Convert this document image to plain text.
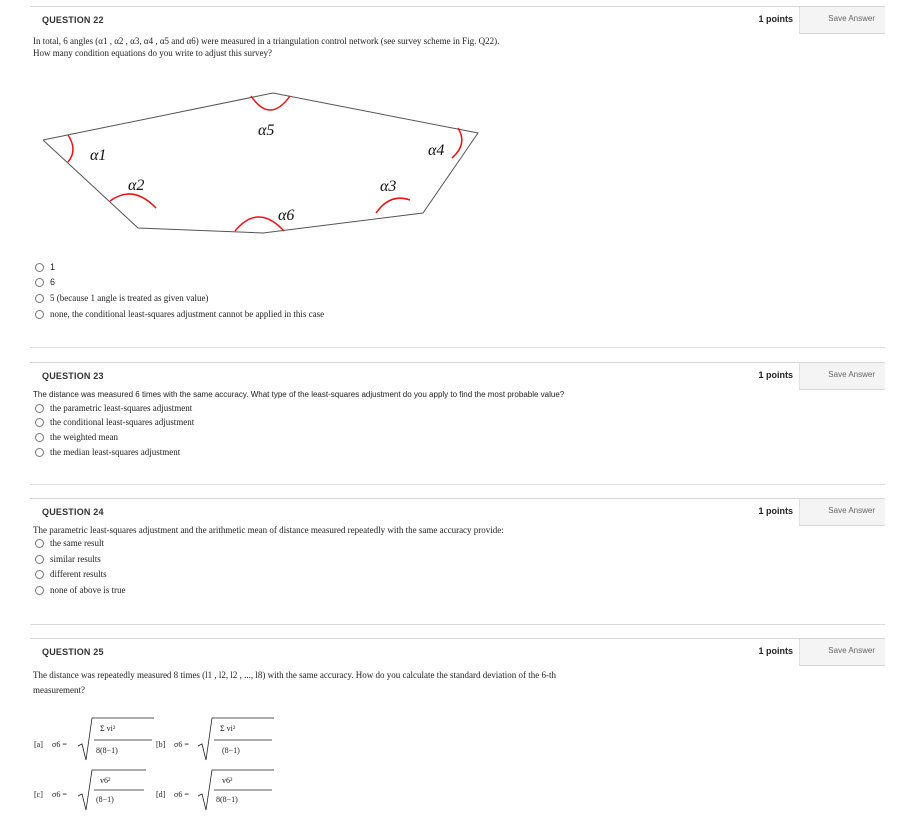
QUESTION 22	1 points	Save Answer
In total, 6 angles (α1 , α2 , α3, α4 , α5 and α6) were measured in a triangulation control network (see survey scheme in Fig. Q22).
How many condition equations do you write to adjust this survey?
α1
α2	α3
α4
α5
α6
1
6
5 (because 1 angle is treated as given value)
none, the conditional least-squares adjustment cannot be applied in this case
QUESTION 23	1 points	Save Answer
The distance was measured 6 times with the same accuracy. What type of the least-squares adjustment do you apply to find the most probable value?
the parametric least-squares adjustment
the conditional least-squares adjustment
the weighted mean
the median least-squares adjustment
QUESTION 24	1 points	Save Answer
The parametric least-squares adjustment and the arithmetic mean of distance measured repeatedly with the same accuracy provide:
the same result
similar results
different results
none of above is true
QUESTION 25	1 points	Save Answer
The distance was repeatedly measured 8 times (l1 , l2, l2 , ..., l8) with the same accuracy. How do you calculate the standard deviation of the 6-th
measurement?
[a] σ6 =
Σ vi²
8(8−1)
[b] σ6 =
Σ vi²
(8−1)
[c] σ6 =
v6²
(8−1)
[d] σ6 =
v6²
8(8−1)
